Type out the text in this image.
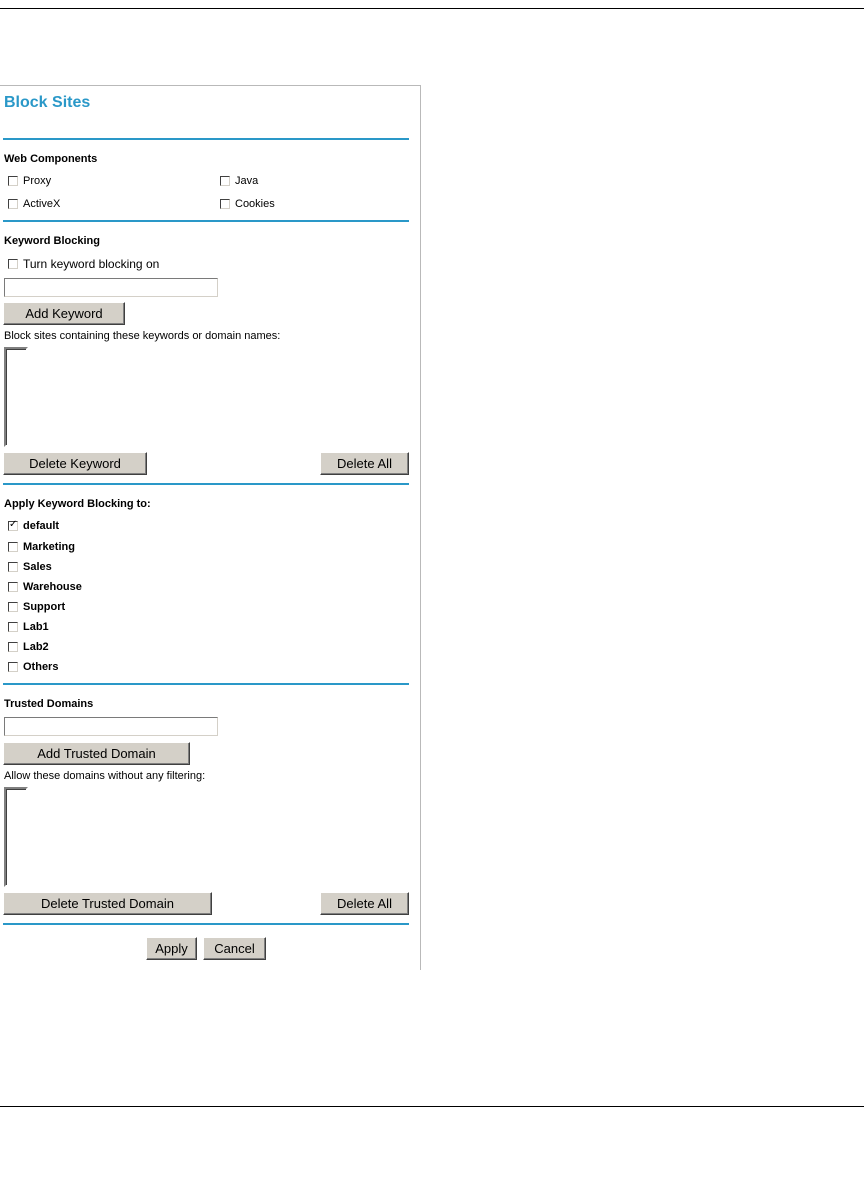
Block Sites
Web Components
Proxy	Java
ActiveX	Cookies
Keyword Blocking
Turn keyword blocking on
Add Keyword
Block sites containing these keywords or domain names:
Delete Keyword	Delete All
Apply Keyword Blocking to:
✓
default
Marketing
Sales
Warehouse
Support
Lab1
Lab2
Others
Trusted Domains
Add Trusted Domain
Allow these domains without any filtering:
Delete Trusted Domain	Delete All
Apply	Cancel
